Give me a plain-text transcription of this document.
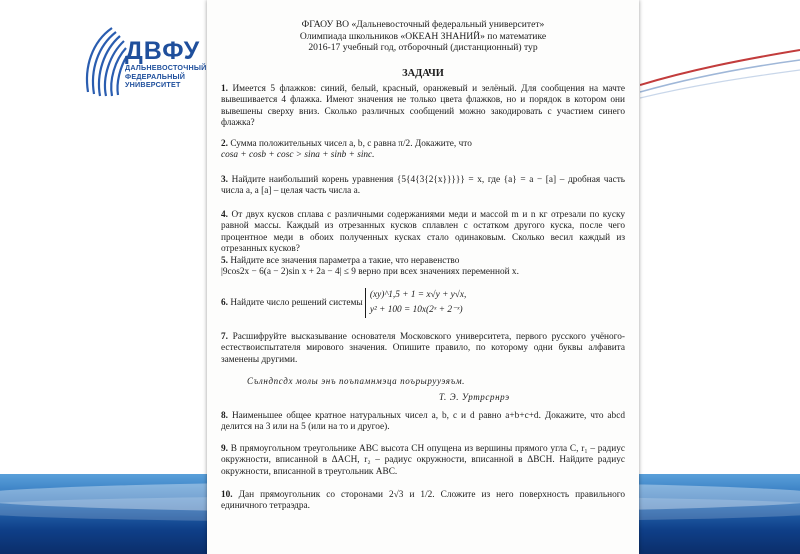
ДВФУ
ДАЛЬНЕВОСТОЧНЫЙ
ФЕДЕРАЛЬНЫЙ
УНИВЕРСИТЕТ
ФГАОУ ВО «Дальневосточный федеральный университет»
Олимпиада школьников «ОКЕАН ЗНАНИЙ» по математике
2016-17 учебный год, отборочный (дистанционный) тур
ЗАДАЧИ
1. Имеется 5 флажков: синий, белый, красный, оранжевый и зелёный. Для сообщения на мачте вывешивается 4 флажка. Имеют значения не только цвета флажков, но и порядок в котором они вывешены сверху вниз. Сколько различных сообщений можно закодировать с участием синего флажка?
2. Сумма положительных чисел a, b, c равна π/2. Докажите, что
cosa + cosb + cosc > sina + sinb + sinc.
3. Найдите наибольший корень уравнения {5{4{3{2{x}}}}} = x, где {a} = a − [a] – дробная часть числа a, а [a] – целая часть числа a.
4. От двух кусков сплава с различными содержаниями меди и массой m и n кг отрезали по куску равной массы. Каждый из отрезанных кусков сплавлен с остатком другого куска, после чего процентное меди в обоих полученных кусках стало одинаковым. Сколько весил каждый из отрезанных кусков?
5. Найдите все значения параметра a такие, что неравенство
|9cos2x − 6(a − 2)sin x + 2a − 4| ≤ 9 верно при всех значениях переменной x.
6. Найдите число решений системы (xy)^1,5 + 1 = x√y + y√x,
y² + 100 = 10x(2ˣ + 2⁻ˣ)
7. Расшифруйте высказывание основателя Московского университета, первого русского учёного-естествоиспытателя мирового значения. Опишите правило, по которому одни буквы алфавита заменены другими.
Сълндпсдх молы энъ поъпамнмэца поърырууэяъм.
Т. Э. Уртрсрнрэ
8. Наименьшее общее кратное натуральных чисел a, b, c и d равно a+b+c+d. Докажите, что abcd делится на 3 или на 5 (или на то и другое).
9. В прямоугольном треугольнике ABC высота CH опущена из вершины прямого угла C, r₁ – радиус окружности, вписанной в ΔACH, r₂ – радиус окружности, вписанной в ΔBCH. Найдите радиус окружности, вписанной в треугольник ABC.
10. Дан прямоугольник со сторонами 2√3 и 1/2. Сложите из него поверхность правильного единичного тетраэдра.
